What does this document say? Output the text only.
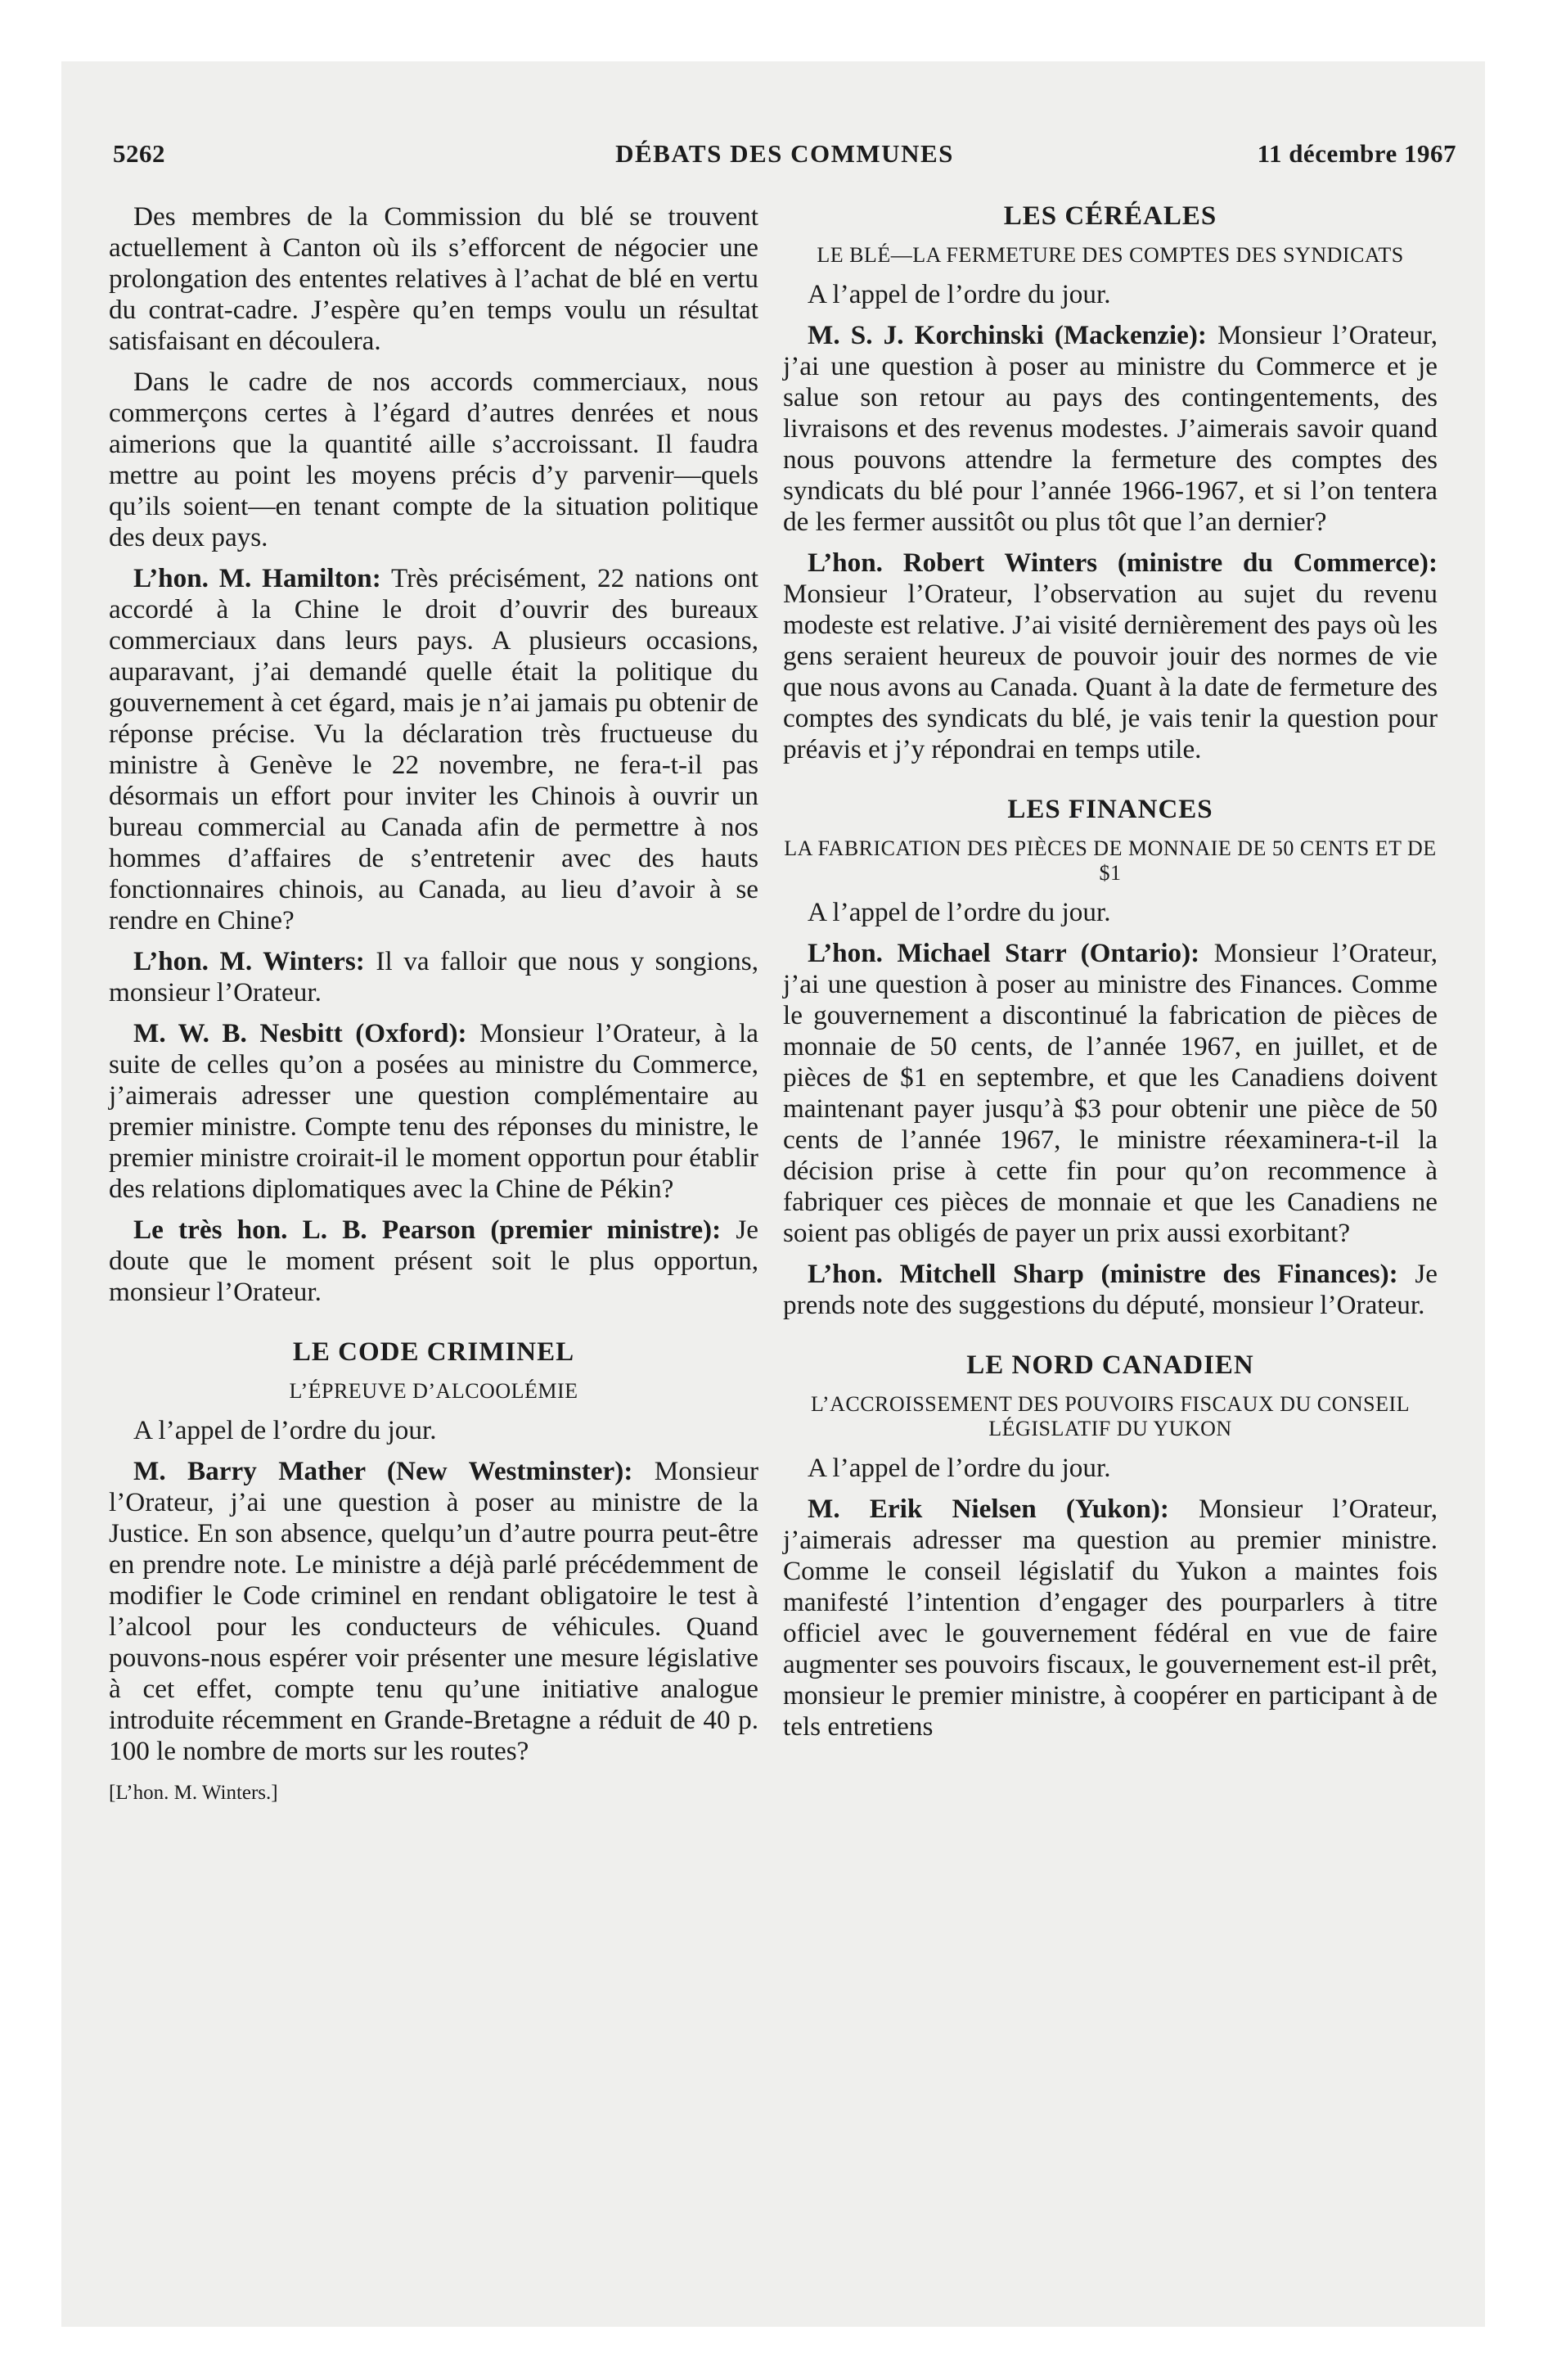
5262	DÉBATS DES COMMUNES	11 décembre 1967

Des membres de la Commission du blé se trouvent actuellement à Canton où ils s’efforcent de négocier une prolongation des ententes relatives à l’achat de blé en vertu du contrat-cadre. J’espère qu’en temps voulu un résultat satisfaisant en découlera.

Dans le cadre de nos accords commerciaux, nous commerçons certes à l’égard d’autres denrées et nous aimerions que la quantité aille s’accroissant. Il faudra mettre au point les moyens précis d’y parvenir—quels qu’ils soient—en tenant compte de la situation politique des deux pays.

L’hon. M. Hamilton: Très précisément, 22 nations ont accordé à la Chine le droit d’ouvrir des bureaux commerciaux dans leurs pays. A plusieurs occasions, auparavant, j’ai demandé quelle était la politique du gouvernement à cet égard, mais je n’ai jamais pu obtenir de réponse précise. Vu la déclaration très fructueuse du ministre à Genève le 22 novembre, ne fera-t-il pas désormais un effort pour inviter les Chinois à ouvrir un bureau commercial au Canada afin de permettre à nos hommes d’affaires de s’entretenir avec des hauts fonctionnaires chinois, au Canada, au lieu d’avoir à se rendre en Chine?

L’hon. M. Winters: Il va falloir que nous y songions, monsieur l’Orateur.

M. W. B. Nesbitt (Oxford): Monsieur l’Orateur, à la suite de celles qu’on a posées au ministre du Commerce, j’aimerais adresser une question complémentaire au premier ministre. Compte tenu des réponses du ministre, le premier ministre croirait-il le moment opportun pour établir des relations diplomatiques avec la Chine de Pékin?

Le très hon. L. B. Pearson (premier ministre): Je doute que le moment présent soit le plus opportun, monsieur l’Orateur.

LE CODE CRIMINEL
L’ÉPREUVE D’ALCOOLÉMIE

A l’appel de l’ordre du jour.

M. Barry Mather (New Westminster): Monsieur l’Orateur, j’ai une question à poser au ministre de la Justice. En son absence, quelqu’un d’autre pourra peut-être en prendre note. Le ministre a déjà parlé précédemment de modifier le Code criminel en rendant obligatoire le test à l’alcool pour les conducteurs de véhicules. Quand pouvons-nous espérer voir présenter une mesure législative à cet effet, compte tenu qu’une initiative analogue introduite récemment en Grande-Bretagne a réduit de 40 p. 100 le nombre de morts sur les routes?

[L’hon. M. Winters.]
LES CÉRÉALES
LE BLÉ—LA FERMETURE DES COMPTES DES SYNDICATS

A l’appel de l’ordre du jour.

M. S. J. Korchinski (Mackenzie): Monsieur l’Orateur, j’ai une question à poser au ministre du Commerce et je salue son retour au pays des contingentements, des livraisons et des revenus modestes. J’aimerais savoir quand nous pouvons attendre la fermeture des comptes des syndicats du blé pour l’année 1966-1967, et si l’on tentera de les fermer aussitôt ou plus tôt que l’an dernier?

L’hon. Robert Winters (ministre du Commerce): Monsieur l’Orateur, l’observation au sujet du revenu modeste est relative. J’ai visité dernièrement des pays où les gens seraient heureux de pouvoir jouir des normes de vie que nous avons au Canada. Quant à la date de fermeture des comptes des syndicats du blé, je vais tenir la question pour préavis et j’y répondrai en temps utile.

LES FINANCES
LA FABRICATION DES PIÈCES DE MONNAIE DE 50 CENTS ET DE $1

A l’appel de l’ordre du jour.

L’hon. Michael Starr (Ontario): Monsieur l’Orateur, j’ai une question à poser au ministre des Finances. Comme le gouvernement a discontinué la fabrication de pièces de monnaie de 50 cents, de l’année 1967, en juillet, et de pièces de $1 en septembre, et que les Canadiens doivent maintenant payer jusqu’à $3 pour obtenir une pièce de 50 cents de l’année 1967, le ministre réexaminera-t-il la décision prise à cette fin pour qu’on recommence à fabriquer ces pièces de monnaie et que les Canadiens ne soient pas obligés de payer un prix aussi exorbitant?

L’hon. Mitchell Sharp (ministre des Finances): Je prends note des suggestions du député, monsieur l’Orateur.

LE NORD CANADIEN
L’ACCROISSEMENT DES POUVOIRS FISCAUX DU CONSEIL LÉGISLATIF DU YUKON

A l’appel de l’ordre du jour.

M. Erik Nielsen (Yukon): Monsieur l’Orateur, j’aimerais adresser ma question au premier ministre. Comme le conseil législatif du Yukon a maintes fois manifesté l’intention d’engager des pourparlers à titre officiel avec le gouvernement fédéral en vue de faire augmenter ses pouvoirs fiscaux, le gouvernement est-il prêt, monsieur le premier ministre, à coopérer en participant à de tels entretiens
